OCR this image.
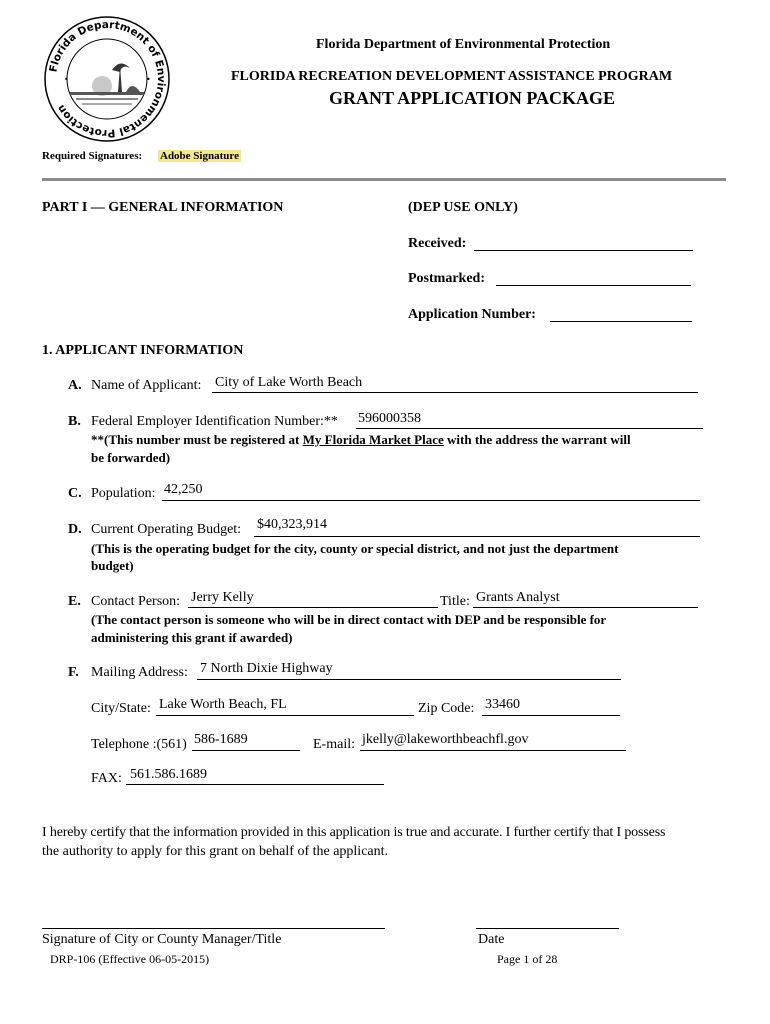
Florida Department of Environmental Protection
•	•
Florida Department of Environmental Protection
FLORIDA RECREATION DEVELOPMENT ASSISTANCE PROGRAM
GRANT APPLICATION PACKAGE
Required Signatures: Adobe Signature
PART I — GENERAL INFORMATION	(DEP USE ONLY)
Received:
Postmarked:
Application Number:
1. APPLICANT INFORMATION
A. Name of Applicant: City of Lake Worth Beach
B. Federal Employer Identification Number:** 596000358
**(This number must be registered at My Florida Market Place with the address the warrant will
be forwarded)
C. Population: 42,250
D. Current Operating Budget: $40,323,914
(This is the operating budget for the city, county or special district, and not just the department
budget)
E. Contact Person: Jerry Kelly	Title: Grants Analyst
(The contact person is someone who will be in direct contact with DEP and be responsible for
administering this grant if awarded)
F. Mailing Address: 7 North Dixie Highway
City/State: Lake Worth Beach, FL	Zip Code: 33460
Telephone :(561) 586-1689	E-mail: jkelly@lakeworthbeachfl.gov
FAX: 561.586.1689
I hereby certify that the information provided in this application is true and accurate. I further certify that I possess
the authority to apply for this grant on behalf of the applicant.
Signature of City or County Manager/Title	Date
DRP-106 (Effective 06-05-2015)	Page 1 of 28
